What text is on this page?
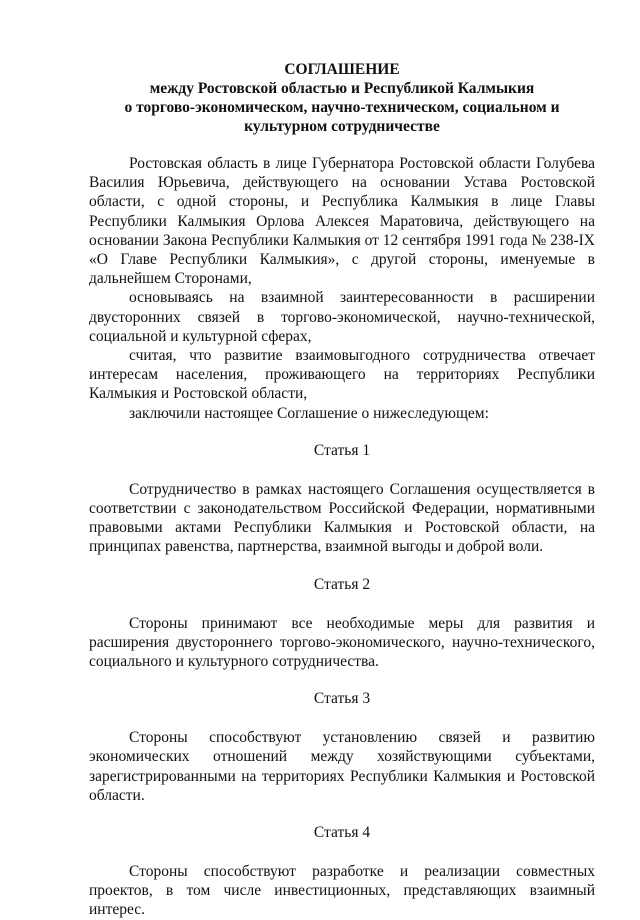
СОГЛАШЕНИЕ
между Ростовской областью и Республикой Калмыкия
о торгово-экономическом, научно-техническом, социальном и
культурном сотрудничестве

Ростовская область в лице Губернатора Ростовской области Голубева Василия Юрьевича, действующего на основании Устава Ростовской области, с одной стороны, и Республика Калмыкия в лице Главы Республики Калмыкия Орлова Алексея Маратовича, действующего на основании Закона Республики Калмыкия от 12 сентября 1991 года № 238-IX «О Главе Республики Калмыкия», с другой стороны, именуемые в дальнейшем Сторонами,

основываясь на взаимной заинтересованности в расширении двусторонних связей в торгово-экономической, научно-технической, социальной и культурной сферах,

считая, что развитие взаимовыгодного сотрудничества отвечает интересам населения, проживающего на территориях Республики Калмыкия и Ростовской области,

заключили настоящее Соглашение о нижеследующем:

Статья 1

Сотрудничество в рамках настоящего Соглашения осуществляется в соответствии с законодательством Российской Федерации, нормативными правовыми актами Республики Калмыкия и Ростовской области, на принципах равенства, партнерства, взаимной выгоды и доброй воли.

Статья 2

Стороны принимают все необходимые меры для развития и расширения двустороннего торгово-экономического, научно-технического, социального и культурного сотрудничества.

Статья 3

Стороны способствуют установлению связей и развитию экономических отношений между хозяйствующими субъектами, зарегистрированными на территориях Республики Калмыкия и Ростовской области.

Статья 4

Стороны способствуют разработке и реализации совместных проектов, в том числе инвестиционных, представляющих взаимный интерес.
